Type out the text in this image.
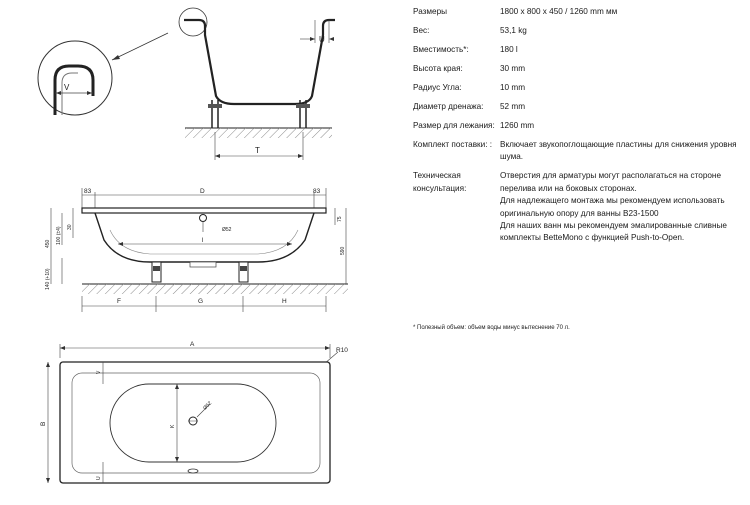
V
U
T
83	D	83
Ø52
l
450 100 (±4) 30
140 (+10)
75
590
F	G	H
A
R10
B
V
K
Ø52
U
Размеры	1800 x 800 x 450 / 1260 mm мм
Вес:	53,1 kg
Вместимость*:	180 l
Высота края:	30 mm
Радиус Угла:	10 mm
Диаметр дренажа:	52 mm
Размер для лежания: 1260 mm
Комплект поставки: : Включает звукопоглощающие пластины для снижения уровня шума.
Техническая консультация:
Отверстия для арматуры могут располагаться на стороне перелива или на боковых сторонах.
Для надлежащего монтажа мы рекомендуем использовать оригинальную опору для ванны B23-1500
Для наших ванн мы рекомендуем эмалированные сливные комплекты BetteMono с функцией Push-to-Open.
* Полезный объем: объем воды минус вытеснение 70 л.
